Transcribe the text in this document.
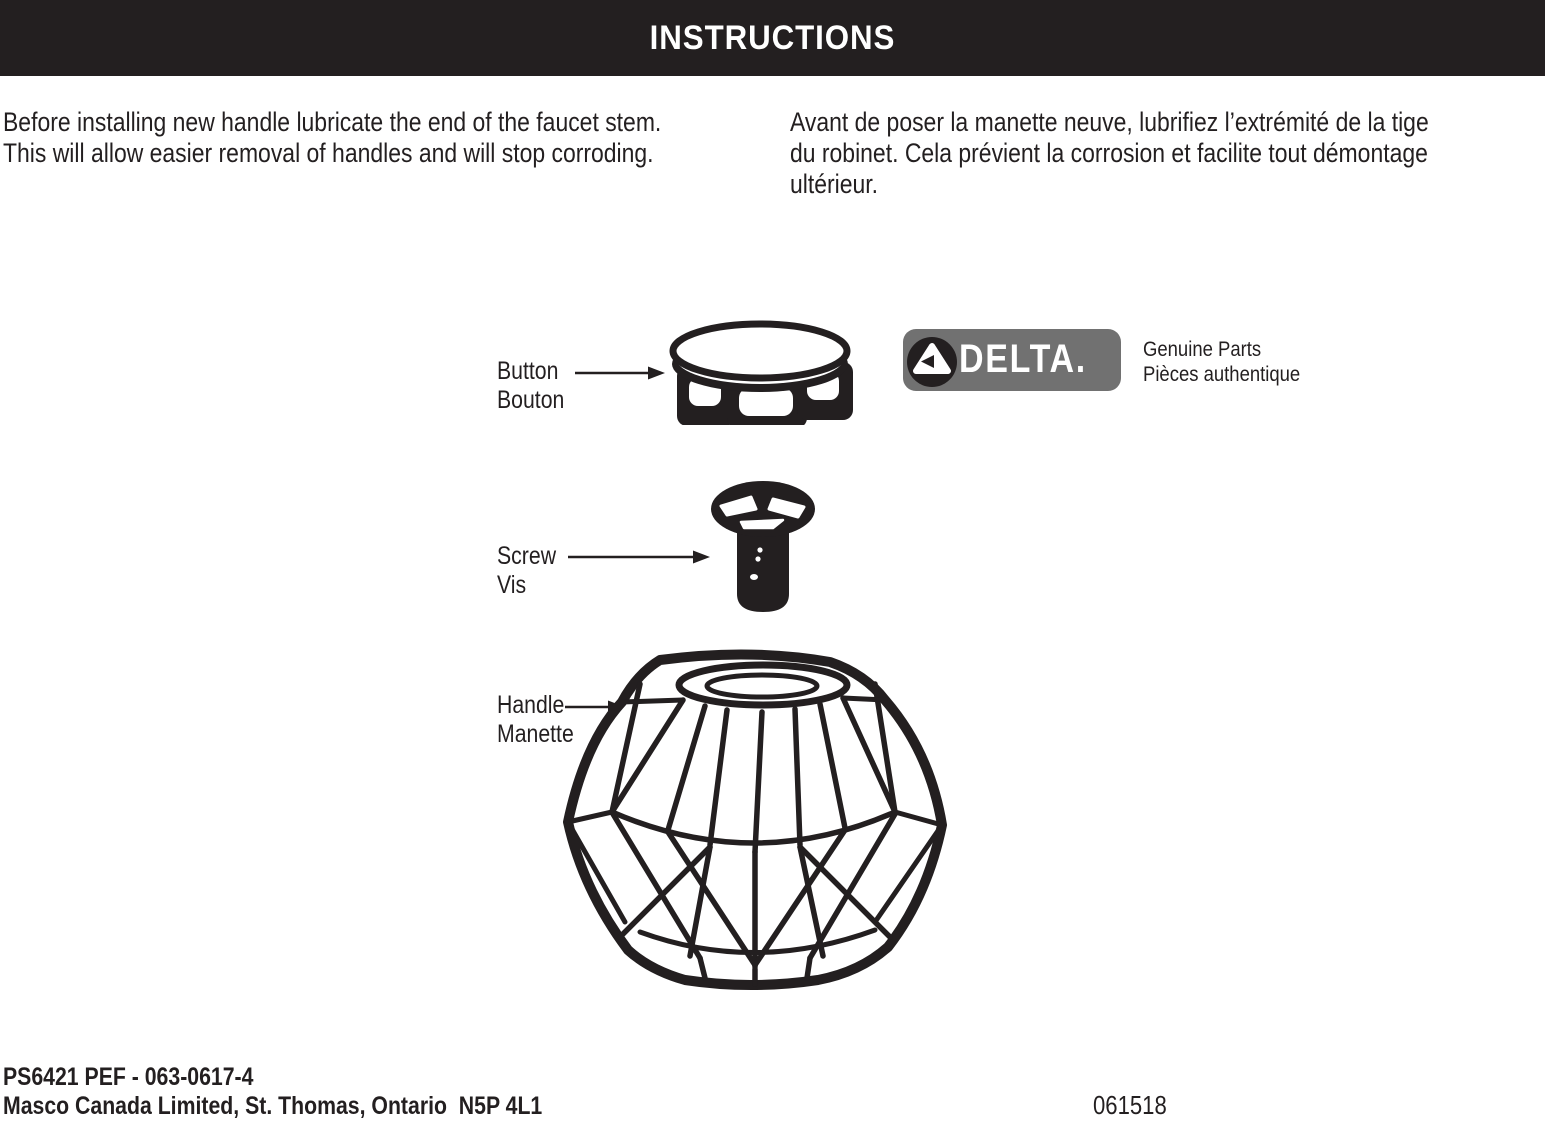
INSTRUCTIONS
Before installing new handle lubricate the end of the faucet stem.
This will allow easier removal of handles and will stop corroding.
Avant de poser la manette neuve, lubrifiez l’extrémité de la tige
du robinet. Cela prévient la corrosion et facilite tout démontage
ultérieur.
Button
Bouton
DELTA.	Genuine Parts
Pièces authentique
Screw
Vis
Handle
Manette
PS6421 PEF - 063-0617-4
Masco Canada Limited, St. Thomas, Ontario  N5P 4L1	061518
